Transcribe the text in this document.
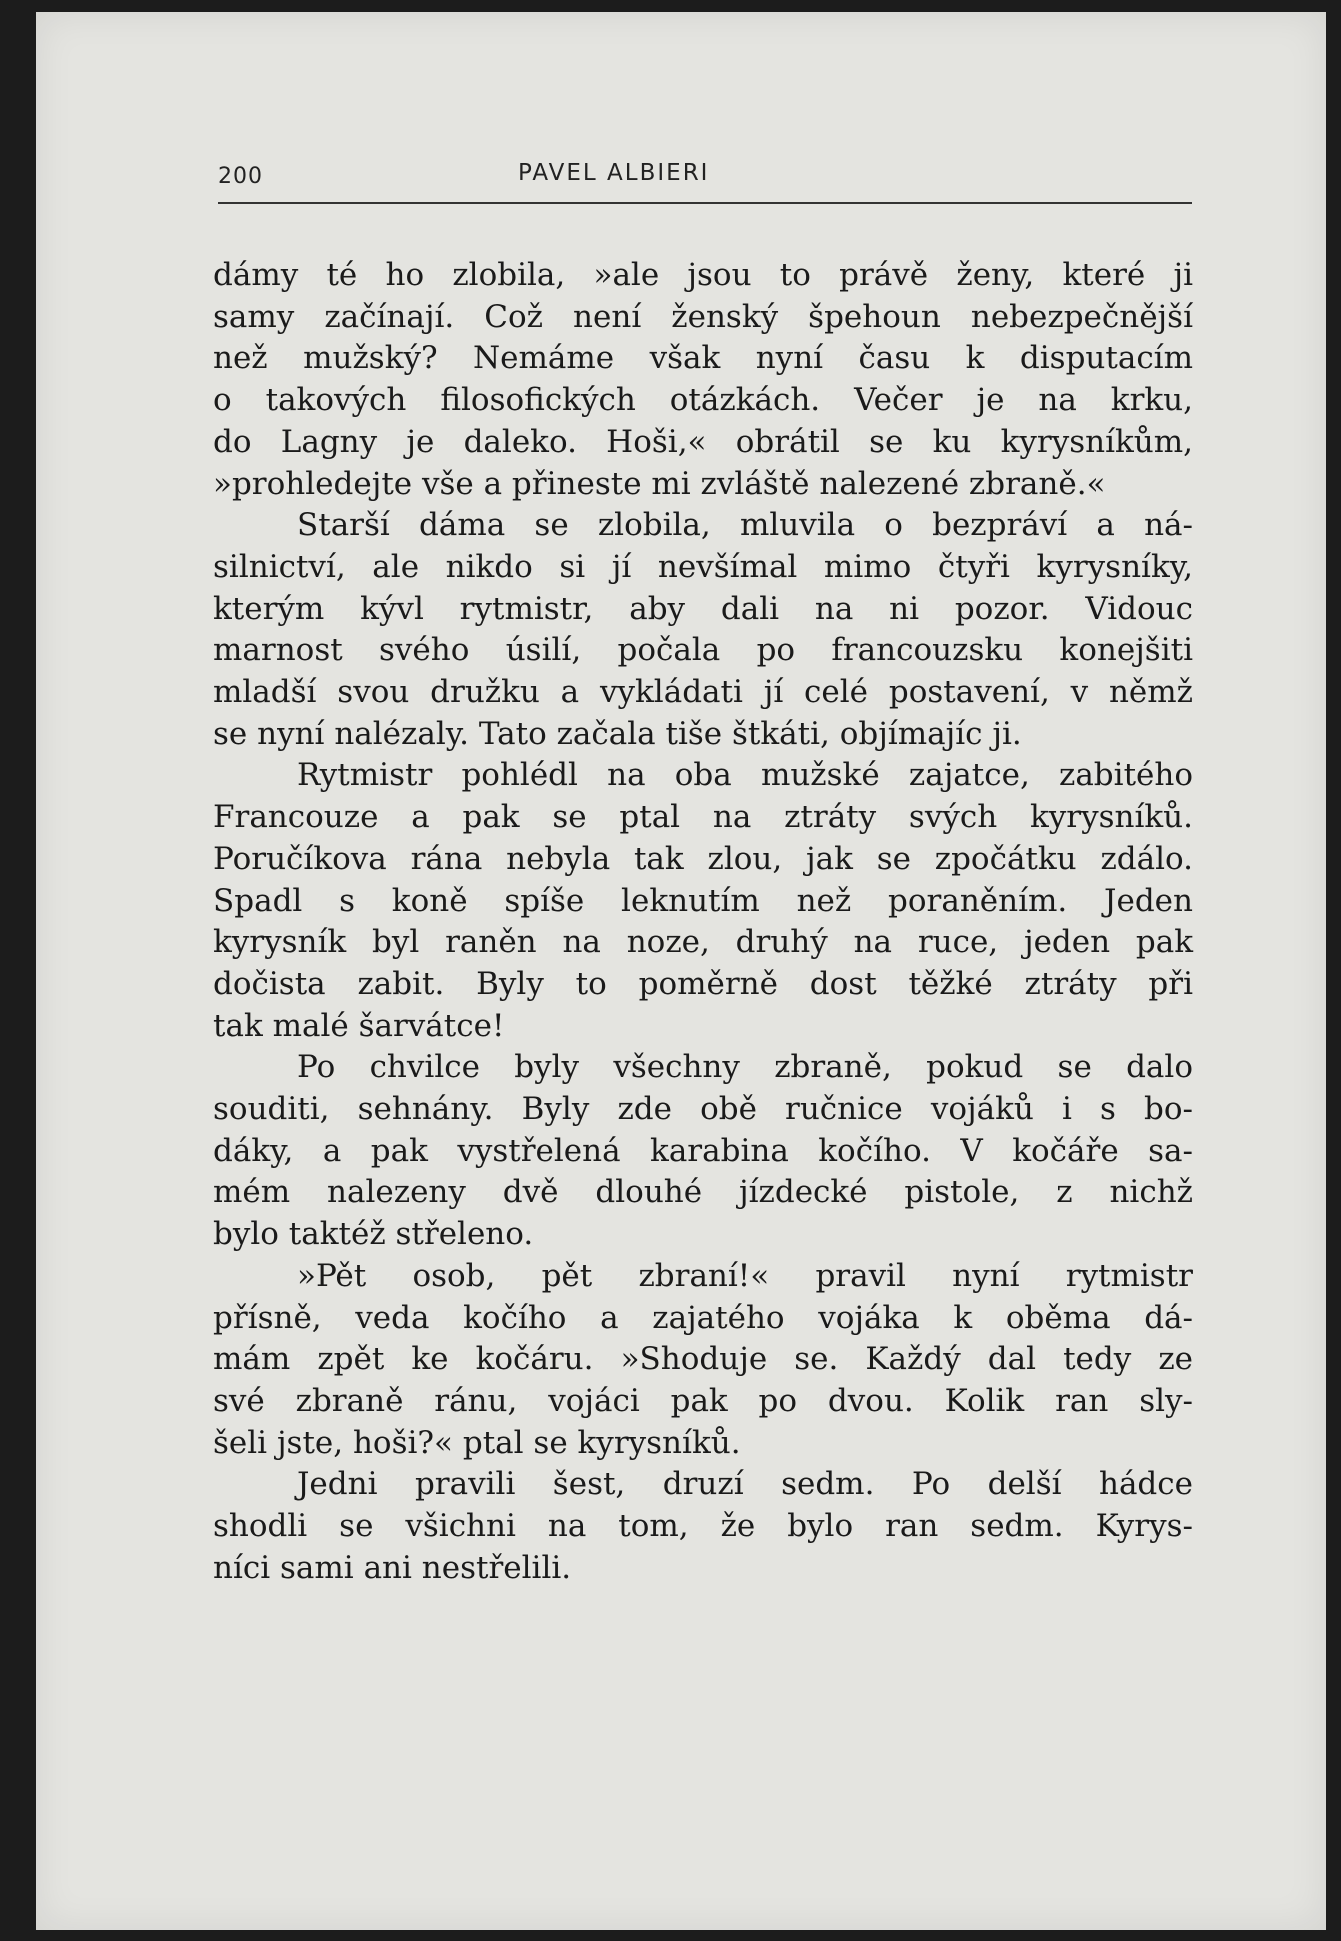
200	PAVEL ALBIERI
dámy té ho zlobila, »ale jsou to právě ženy, které ji
samy začínají. Což není ženský špehoun nebezpečnější
než mužský? Nemáme však nyní času k disputacím
o takových filosofických otázkách. Večer je na krku,
do Lagny je daleko. Hoši,« obrátil se ku kyrysníkům,
»prohledejte vše a přineste mi zvláště nalezené zbraně.«
Starší dáma se zlobila, mluvila o bezpráví a ná-
silnictví, ale nikdo si jí nevšímal mimo čtyři kyrysníky,
kterým kývl rytmistr, aby dali na ni pozor. Vidouc
marnost svého úsilí, počala po francouzsku konejšiti
mladší svou družku a vykládati jí celé postavení, v němž
se nyní nalézaly. Tato začala tiše štkáti, objímajíc ji.
Rytmistr pohlédl na oba mužské zajatce, zabitého
Francouze a pak se ptal na ztráty svých kyrysníků.
Poručíkova rána nebyla tak zlou, jak se zpočátku zdálo.
Spadl s koně spíše leknutím než poraněním. Jeden
kyrysník byl raněn na noze, druhý na ruce, jeden pak
dočista zabit. Byly to poměrně dost těžké ztráty při
tak malé šarvátce!
Po chvilce byly všechny zbraně, pokud se dalo
souditi, sehnány. Byly zde obě ručnice vojáků i s bo-
dáky, a pak vystřelená karabina kočího. V kočáře sa-
mém nalezeny dvě dlouhé jízdecké pistole, z nichž
bylo taktéž střeleno.
»Pět osob, pět zbraní!« pravil nyní rytmistr
přísně, veda kočího a zajatého vojáka k oběma dá-
mám zpět ke kočáru. »Shoduje se. Každý dal tedy ze
své zbraně ránu, vojáci pak po dvou. Kolik ran sly-
šeli jste, hoši?« ptal se kyrysníků.
Jedni pravili šest, druzí sedm. Po delší hádce
shodli se všichni na tom, že bylo ran sedm. Kyrys-
níci sami ani nestřelili.
